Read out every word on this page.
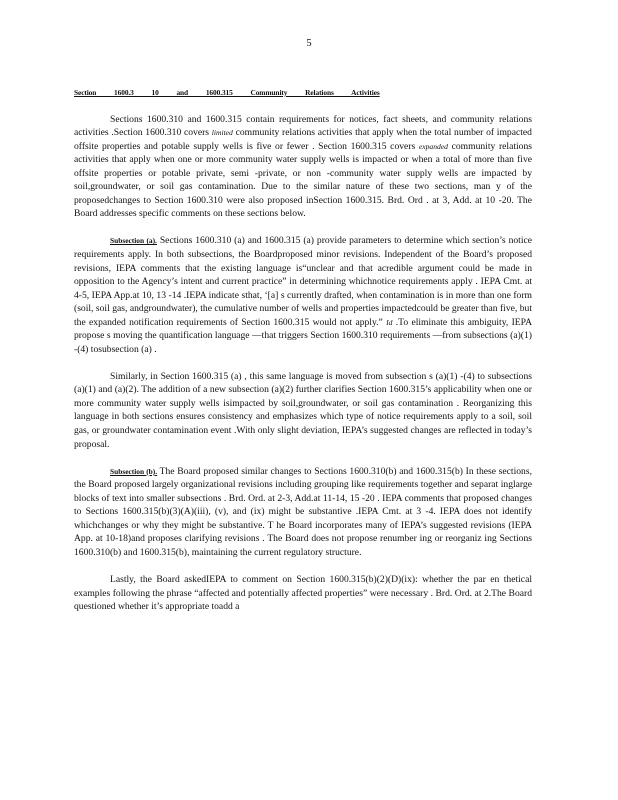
5
Section 1600.3 10 and 1600.315 Community Relations Activities

Sections 1600.310 and 1600.315 contain requirements for notices, fact sheets, and community relations activities .Section 1600.310 covers limited community relations activities that apply when the total number of impacted offsite properties and potable supply wells is five or fewer . Section 1600.315 covers expanded community relations activities that apply when one or more community water supply wells is impacted or when a total of more than five offsite properties or potable private, semi -private, or non -community water supply wells are impacted by soil,groundwater, or soil gas contamination. Due to the similar nature of these two sections, man y of the proposedchanges to Section 1600.310 were also proposed inSection 1600.315. Brd. Ord . at 3, Add. at 10 -20. The Board addresses specific comments on these sections below.

Subsection (a). Sections 1600.310 (a) and 1600.315 (a) provide parameters to determine which section’s notice requirements apply. In both subsections, the Boardproposed minor revisions. Independent of the Board’s proposed revisions, IEPA comments that the existing language is“unclear and that acredible argument could be made in opposition to the Agency’s intent and current practice” in determining whichnotice requirements apply . IEPA Cmt. at 4-5, IEPA App.at 10, 13 -14 .IEPA indicate sthat, ‘[a] s currently drafted, when contamination is in more than one form (soil, soil gas, andgroundwater), the cumulative number of wells and properties impactedcould be greater than five, but the expanded notification requirements of Section 1600.315 would not apply.” Id .To eliminate this ambiguity, IEPA propose s moving the quantification language —that triggers Section 1600.310 requirements —from subsections (a)(1) -(4) tosubsection (a) .

Similarly, in Section 1600.315 (a) , this same language is moved from subsection s (a)(1) -(4) to subsections (a)(1) and (a)(2). The addition of a new subsection (a)(2) further clarifies Section 1600.315’s applicability when one or more community water supply wells isimpacted by soil,groundwater, or soil gas contamination . Reorganizing this language in both sections ensures consistency and emphasizes which type of notice requirements apply to a soil, soil gas, or groundwater contamination event .With only slight deviation, IEPA’s suggested changes are reflected in today’s proposal.

Subsection (b). The Board proposed similar changes to Sections 1600.310(b) and 1600.315(b) In these sections, the Board proposed largely organizational revisions including grouping like requirements together and separat inglarge blocks of text into smaller subsections . Brd. Ord. at 2-3, Add.at 11-14, 15 -20 . IEPA comments that proposed changes to Sections 1600.315(b)(3)(A)(iii), (v), and (ix) might be substantive .IEPA Cmt. at 3 -4. IEPA does not identify whichchanges or why they might be substantive. T he Board incorporates many of IEPA’s suggested revisions (IEPA App. at 10-18)and proposes clarifying revisions . The Board does not propose renumber ing or reorganiz ing Sections 1600.310(b) and 1600.315(b), maintaining the current regulatory structure.

Lastly, the Board askedIEPA to comment on Section 1600.315(b)(2)(D)(ix): whether the par en thetical examples following the phrase “affected and potentially affected properties” were necessary . Brd. Ord. at 2.The Board questioned whether it’s appropriate toadd a
